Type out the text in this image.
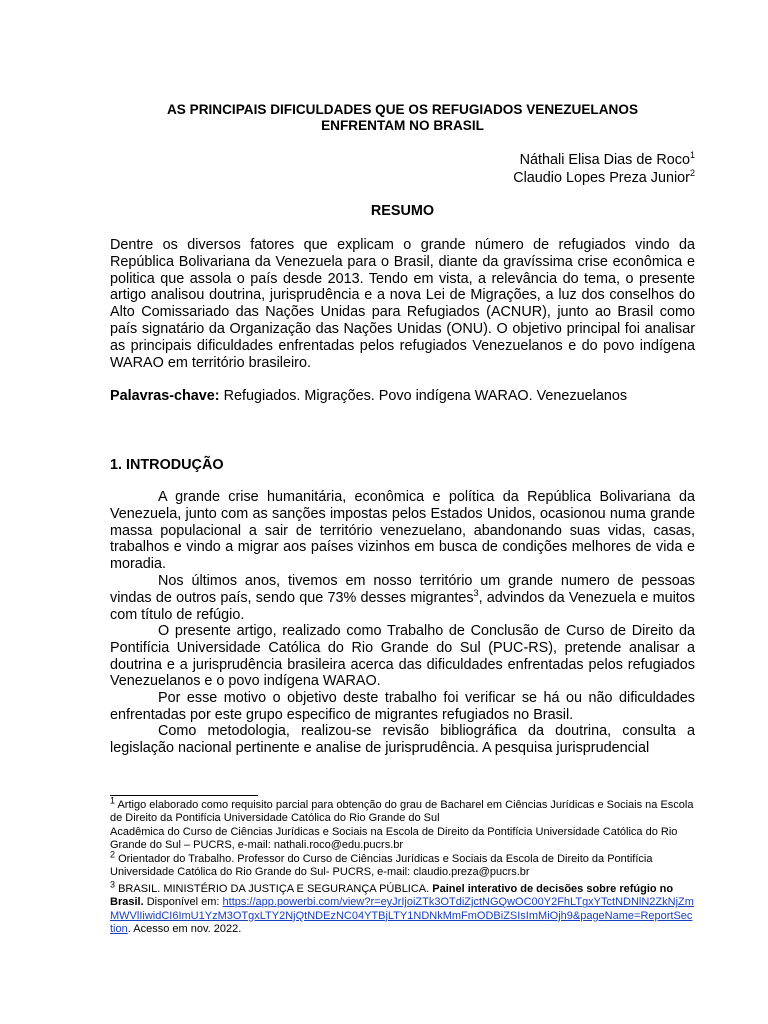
AS PRINCIPAIS DIFICULDADES QUE OS REFUGIADOS VENEZUELANOS
ENFRENTAM NO BRASIL
Náthali Elisa Dias de Roco$^1$
Claudio Lopes Preza Junior$^2$
RESUMO
Dentre os diversos fatores que explicam o grande número de refugiados vindo da República Bolivariana da Venezuela para o Brasil, diante da gravíssima crise econômica e politica que assola o país desde 2013. Tendo em vista, a relevância do tema, o presente artigo analisou doutrina, jurisprudência e a nova Lei de Migrações, a luz dos conselhos do Alto Comissariado das Nações Unidas para Refugiados (ACNUR), junto ao Brasil como país signatário da Organização das Nações Unidas (ONU). O objetivo principal foi analisar as principais dificuldades enfrentadas pelos refugiados Venezuelanos e do povo indígena WARAO em território brasileiro.
Palavras-chave: Refugiados. Migrações. Povo indígena WARAO. Venezuelanos
1. INTRODUÇÃO
A grande crise humanitária, econômica e política da República Bolivariana da Venezuela, junto com as sanções impostas pelos Estados Unidos, ocasionou numa grande massa populacional a sair de território venezuelano, abandonando suas vidas, casas, trabalhos e vindo a migrar aos países vizinhos em busca de condições melhores de vida e moradia.
Nos últimos anos, tivemos em nosso território um grande numero de pessoas vindas de outros país, sendo que 73% desses migrantes$^3$, advindos da Venezuela e muitos com título de refúgio.
O presente artigo, realizado como Trabalho de Conclusão de Curso de Direito da Pontifícia Universidade Católica do Rio Grande do Sul (PUC-RS), pretende analisar a doutrina e a jurisprudência brasileira acerca das dificuldades enfrentadas pelos refugiados Venezuelanos e o povo indígena WARAO.
Por esse motivo o objetivo deste trabalho foi verificar se há ou não dificuldades enfrentadas por este grupo especifico de migrantes refugiados no Brasil.
Como metodologia, realizou-se revisão bibliográfica da doutrina, consulta a legislação nacional pertinente e analise de jurisprudência. A pesquisa jurisprudencial
$^1$ Artigo elaborado como requisito parcial para obtenção do grau de Bacharel em Ciências Jurídicas e Sociais na Escola de Direito da Pontifícia Universidade Católica do Rio Grande do Sul
Acadêmica do Curso de Ciências Jurídicas e Sociais na Escola de Direito da Pontifícia Universidade Católica do Rio Grande do Sul – PUCRS, e-mail: nathali.roco@edu.pucrs.br
$^2$ Orientador do Trabalho. Professor do Curso de Ciências Jurídicas e Sociais da Escola de Direito da Pontifícia Universidade Católica do Rio Grande do Sul- PUCRS, e-mail: claudio.preza@pucrs.br
$^3$ BRASIL. MINISTÉRIO DA JUSTIÇA E SEGURANÇA PÚBLICA. Painel interativo de decisões sobre refúgio no Brasil. Disponível em: https://app.powerbi.com/view?r=eyJrIjoiZTk3OTdiZjctNGQwOC00Y2FhLTgxYTctNDNlN2ZkNjZmMWVlIiwidCI6ImU1YzM3OTgxLTY2NjQtNDEzNC04YTBjLTY1NDNkMmFmODBiZSIsImMiOjh9&pageName=ReportSection. Acesso em nov. 2022.
